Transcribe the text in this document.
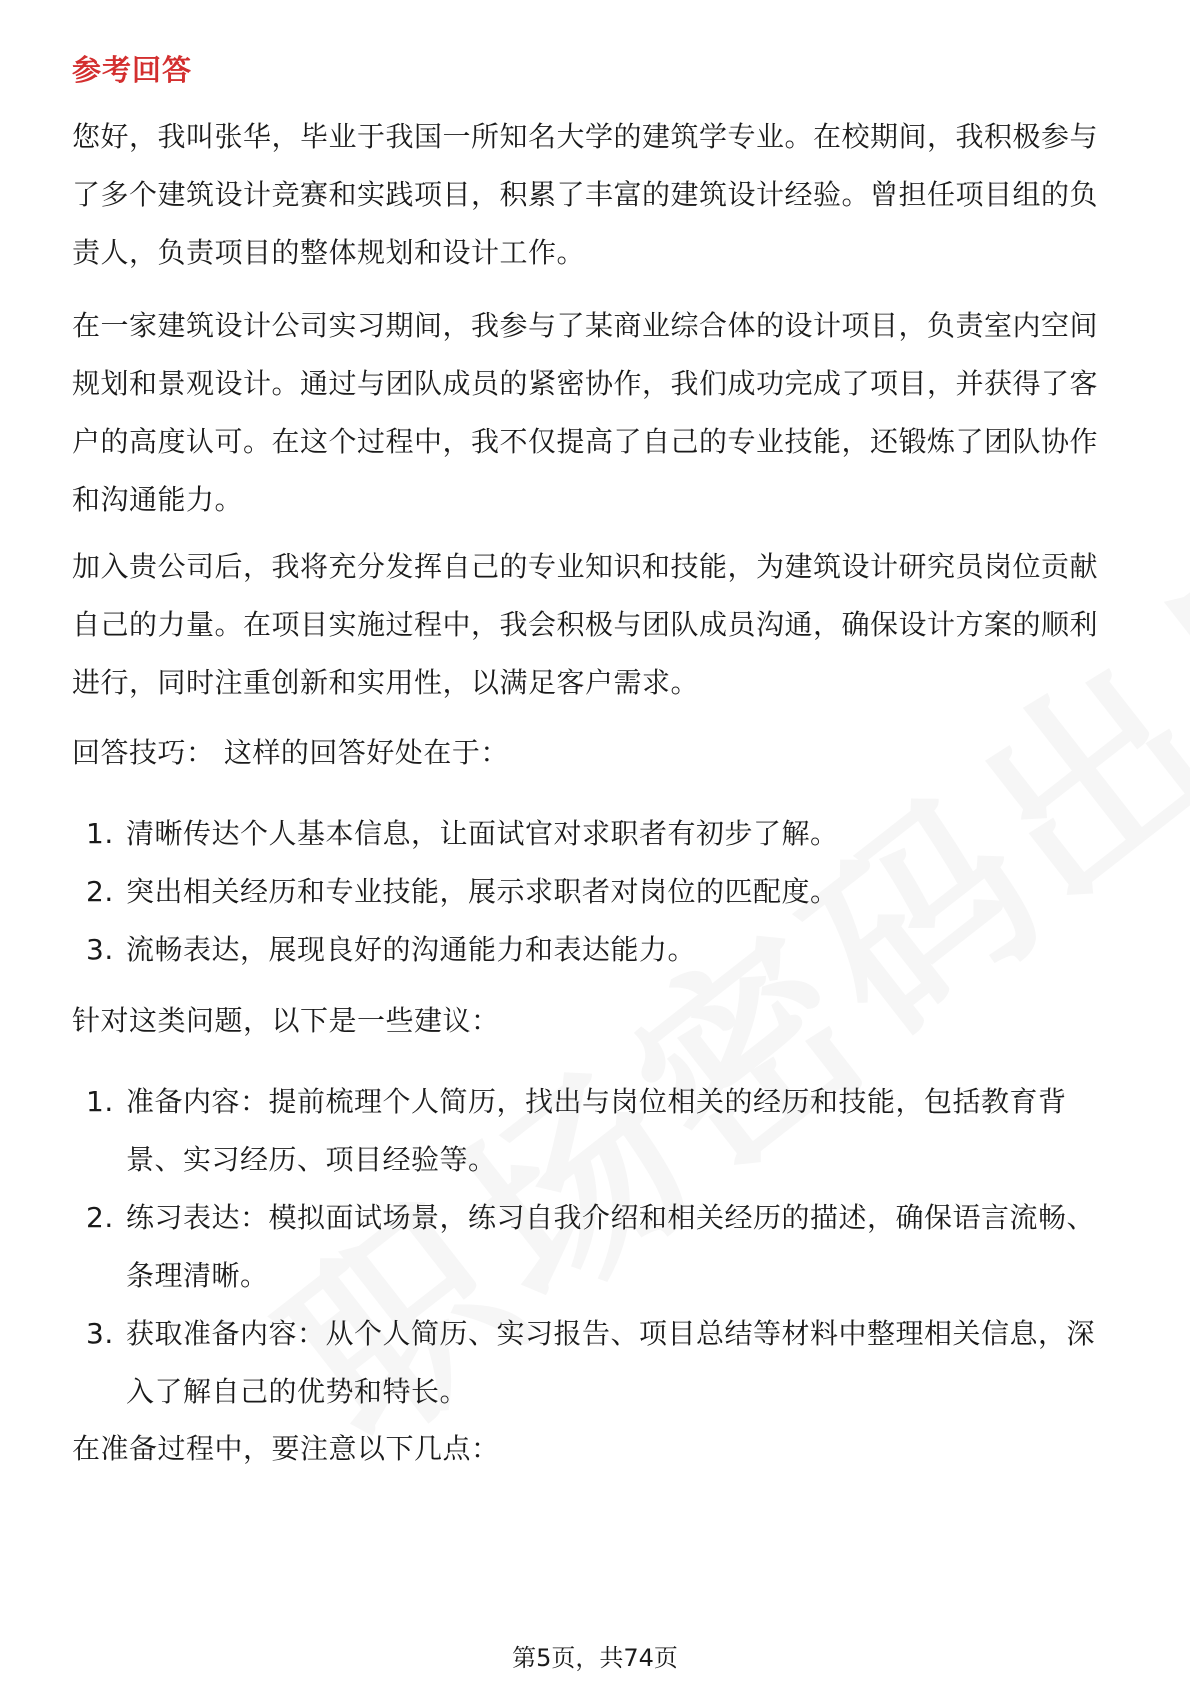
参考回答

您好，我叫张华，毕业于我国一所知名大学的建筑学专业。在校期间，我积极参与了多个建筑设计竞赛和实践项目，积累了丰富的建筑设计经验。曾担任项目组的负责人，负责项目的整体规划和设计工作。

在一家建筑设计公司实习期间，我参与了某商业综合体的设计项目，负责室内空间规划和景观设计。通过与团队成员的紧密协作，我们成功完成了项目，并获得了客户的高度认可。在这个过程中，我不仅提高了自己的专业技能，还锻炼了团队协作和沟通能力。

加入贵公司后，我将充分发挥自己的专业知识和技能，为建筑设计研究员岗位贡献自己的力量。在项目实施过程中，我会积极与团队成员沟通，确保设计方案的顺利进行，同时注重创新和实用性，以满足客户需求。

回答技巧： 这样的回答好处在于：

1. 清晰传达个人基本信息，让面试官对求职者有初步了解。
2. 突出相关经历和专业技能，展示求职者对岗位的匹配度。
3. 流畅表达，展现良好的沟通能力和表达能力。

针对这类问题，以下是一些建议：

1. 准备内容：提前梳理个人简历，找出与岗位相关的经历和技能，包括教育背景、实习经历、项目经验等。
2. 练习表达：模拟面试场景，练习自我介绍和相关经历的描述，确保语言流畅、条理清晰。
3. 获取准备内容：从个人简历、实习报告、项目总结等材料中整理相关信息，深入了解自己的优势和特长。

在准备过程中，要注意以下几点：

第5页，共74页
